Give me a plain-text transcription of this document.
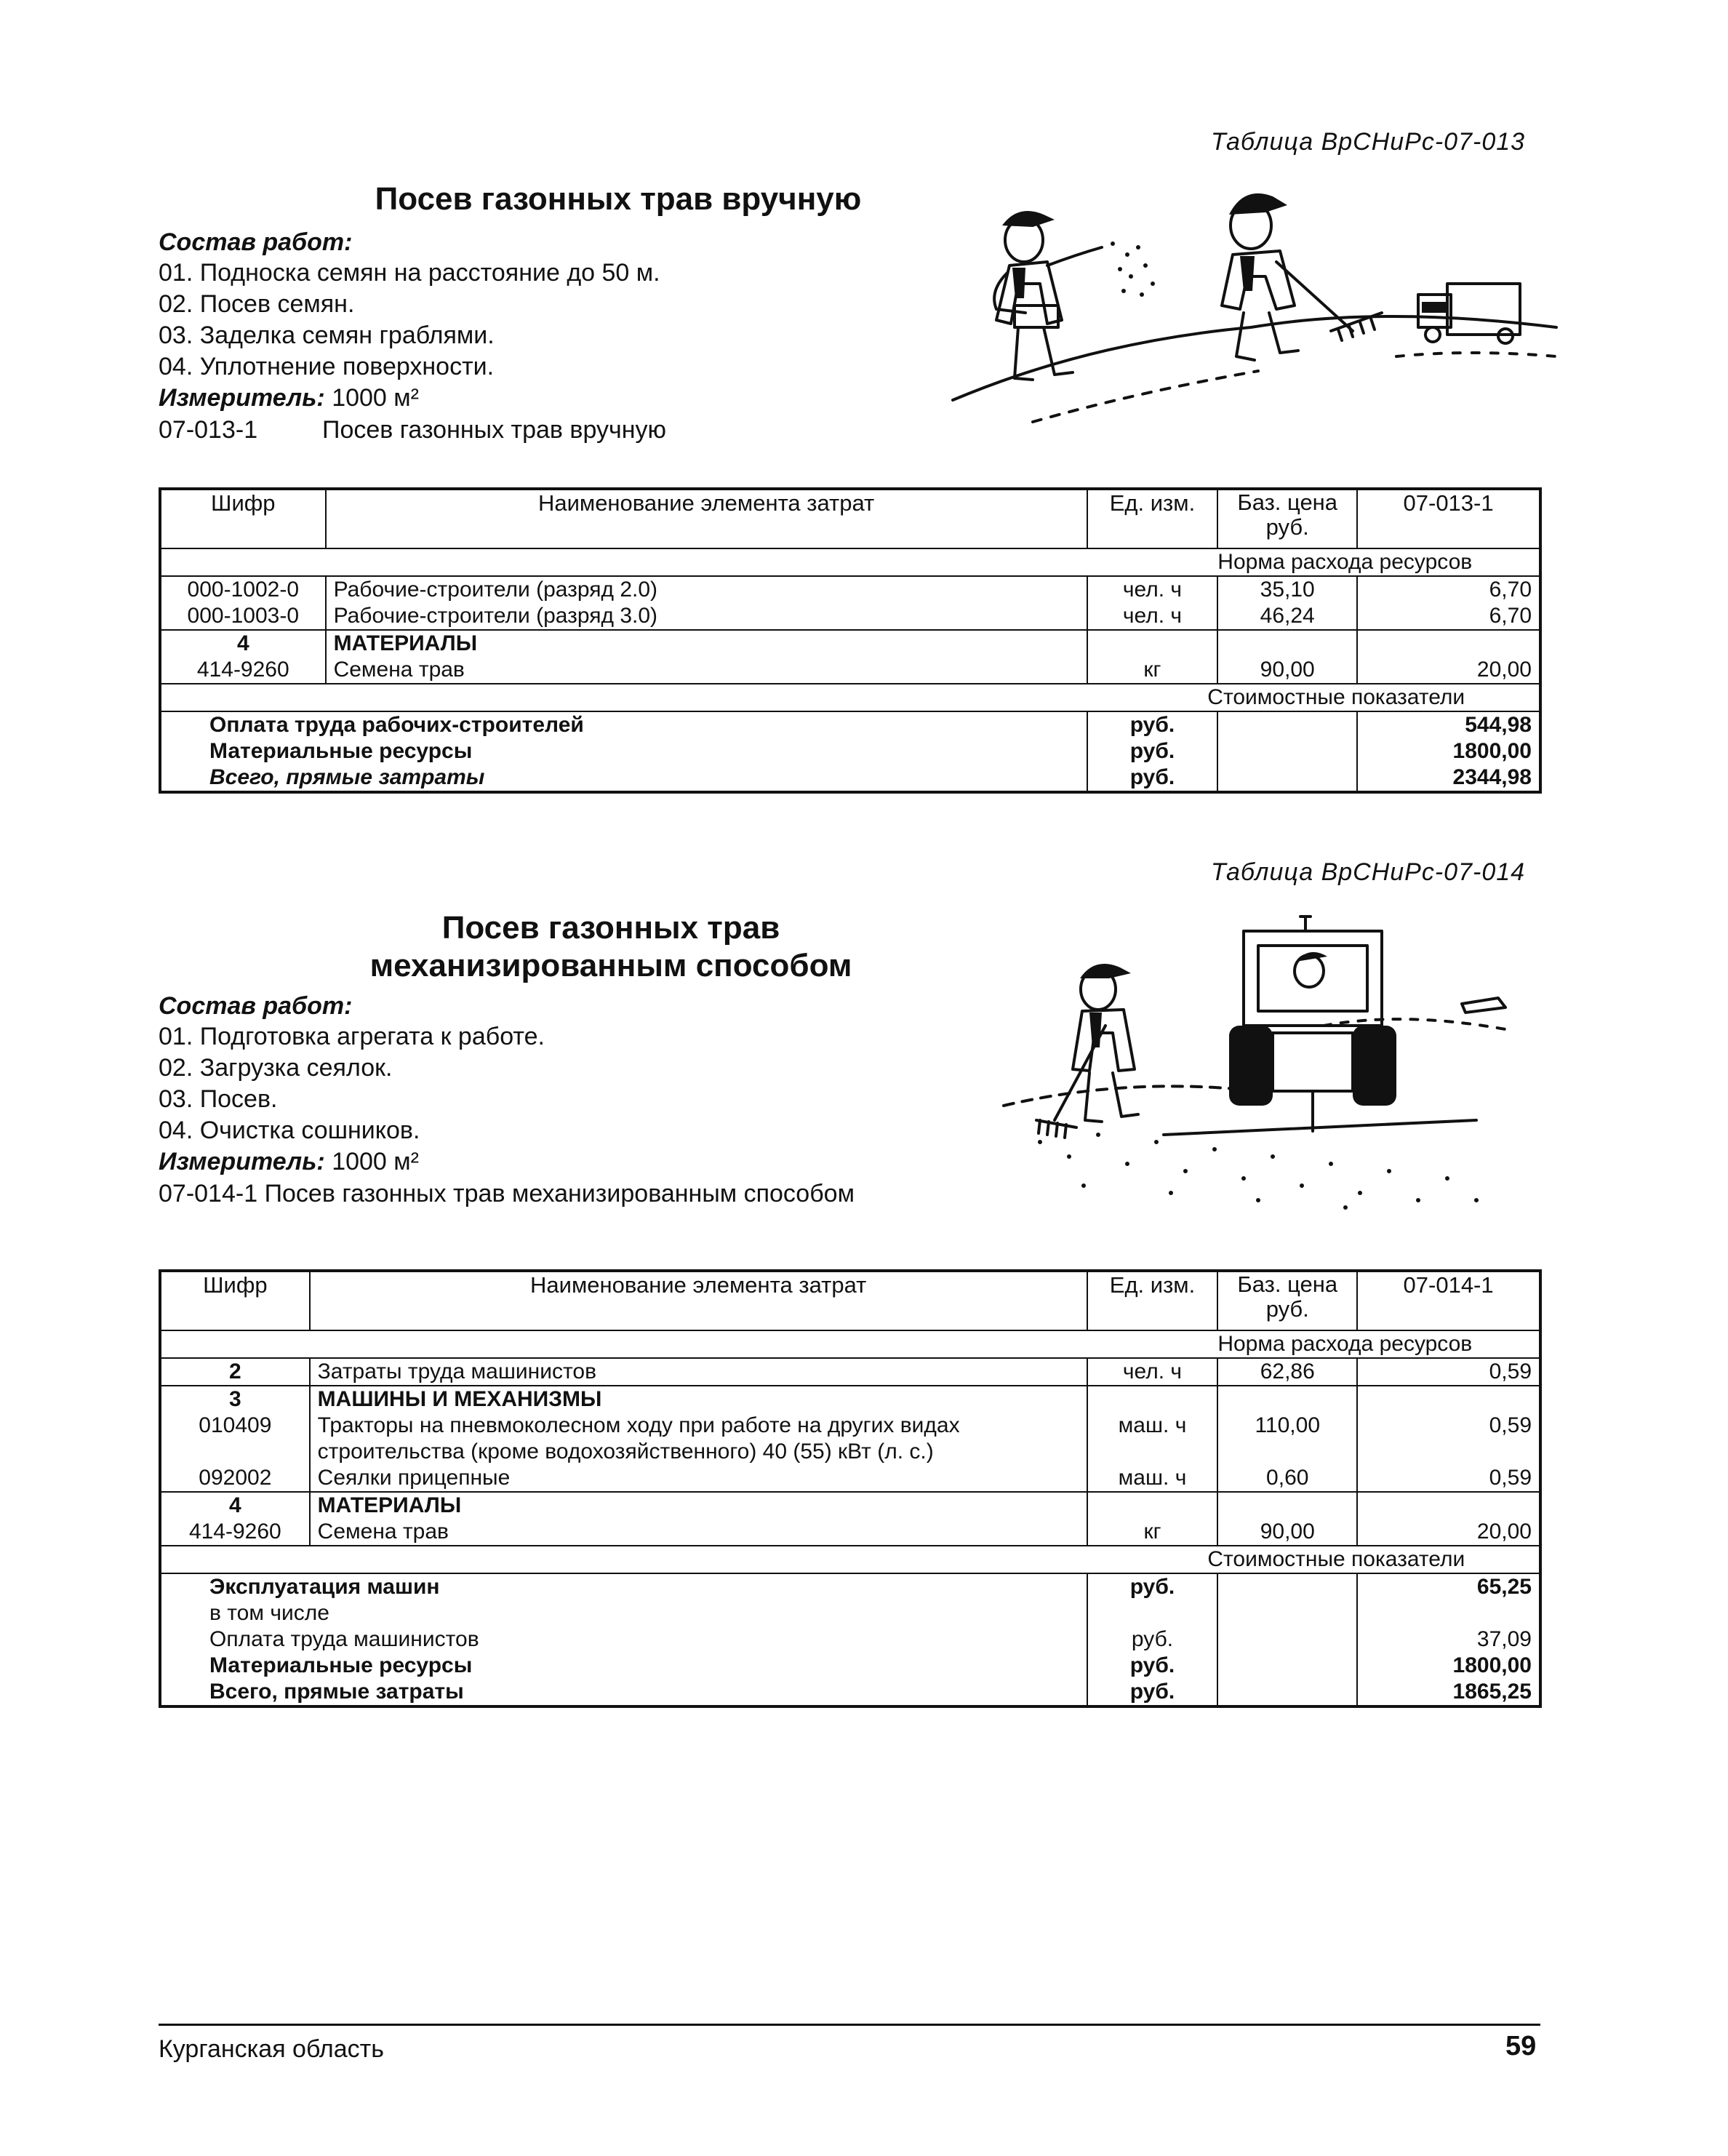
Таблица ВрСНиРс-07-013
Посев газонных трав вручную
Состав работ:
01. Подноска семян на расстояние до 50 м.
02. Посев семян.
03. Заделка семян граблями.
04. Уплотнение поверхности.
Измеритель: 1000 м²
07-013-1	Посев газонных трав вручную
Шифр	Наименование элемента затрат	Ед. изм.	Баз. цена руб.	07-013-1
			Норма расхода ресурсов	
000-1002-0	Рабочие-строители (разряд 2.0)	чел. ч	35,10	6,70
000-1003-0	Рабочие-строители (разряд 3.0)	чел. ч	46,24	6,70
4	МАТЕРИАЛЫ			
414-9260	Семена трав	кг	90,00	20,00
			Стоимостные показатели	
Оплата труда рабочих-строителей		руб.		544,98
Материальные ресурсы		руб.		1800,00
Всего, прямые затраты		руб.		2344,98
Таблица ВрСНиРс-07-014
Посев газонных трав
механизированным способом
Состав работ:
01. Подготовка агрегата к работе.
02. Загрузка сеялок.
03. Посев.
04. Очистка сошников.
Измеритель: 1000 м²
07-014-1 Посев газонных трав механизированным способом
Шифр	Наименование элемента затрат	Ед. изм.	Баз. цена руб.	07-014-1
			Норма расхода ресурсов	
2	Затраты труда машинистов	чел. ч	62,86	0,59
3	МАШИНЫ И МЕХАНИЗМЫ			
010409	Тракторы на пневмоколесном ходу при работе на других видах
строительства (кроме водохозяйственного) 40 (55) кВт (л. с.)	маш. ч	110,00	0,59
092002	Сеялки прицепные	маш. ч	0,60	0,59
4	МАТЕРИАЛЫ			
414-9260	Семена трав	кг	90,00	20,00
			Стоимостные показатели	
Эксплуатация машин		руб.		65,25
в том числе				
Оплата труда машинистов		руб.		37,09
Материальные ресурсы		руб.		1800,00
Всего, прямые затраты		руб.		1865,25
Курганская область	59
